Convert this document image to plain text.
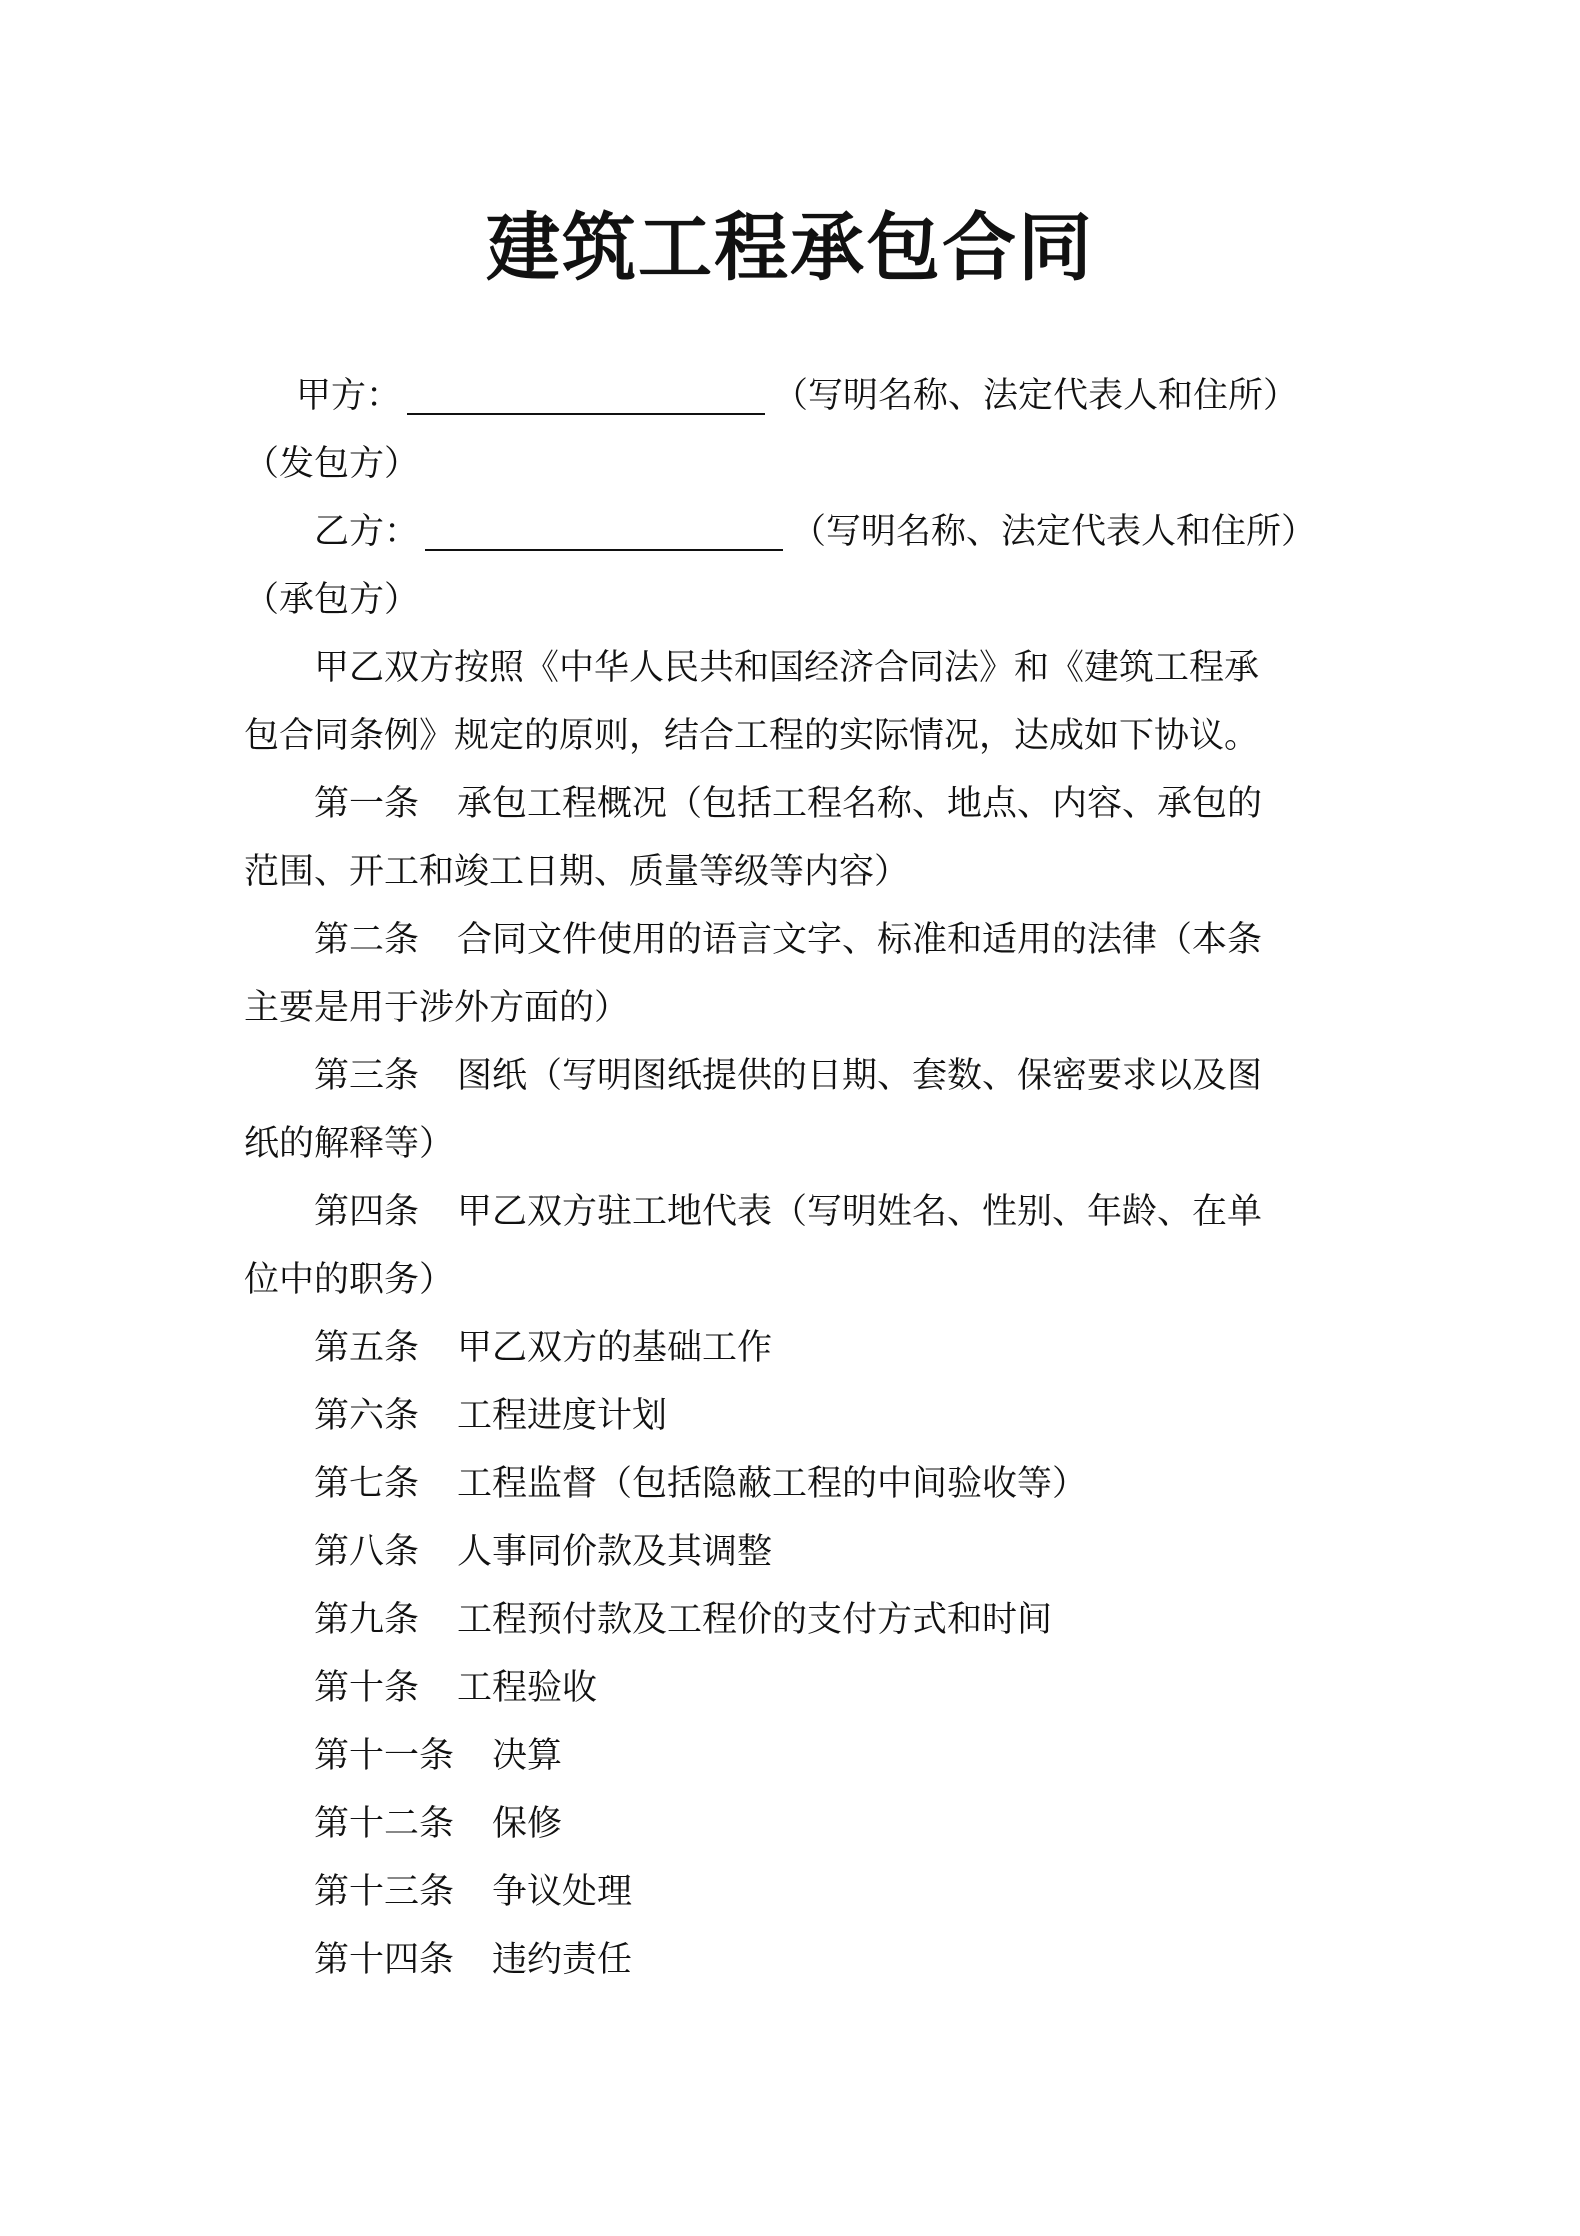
建筑工程承包合同
甲方：	（写明名称、法定代表人和住所）
（发包方）
乙方：	（写明名称、法定代表人和住所）
（承包方）
甲乙双方按照《中华人民共和国经济合同法》和《建筑工程承
包合同条例》规定的原则，结合工程的实际情况，达成如下协议。
第一条 承包工程概况（包括工程名称、地点、内容、承包的
范围、开工和竣工日期、质量等级等内容）
第二条 合同文件使用的语言文字、标准和适用的法律（本条
主要是用于涉外方面的）
第三条 图纸（写明图纸提供的日期、套数、保密要求以及图
纸的解释等）
第四条 甲乙双方驻工地代表（写明姓名、性别、年龄、在单
位中的职务）
第五条 甲乙双方的基础工作
第六条 工程进度计划
第七条 工程监督（包括隐蔽工程的中间验收等）
第八条 人事同价款及其调整
第九条 工程预付款及工程价的支付方式和时间
第十条 工程验收
第十一条 决算
第十二条 保修
第十三条 争议处理
第十四条 违约责任
